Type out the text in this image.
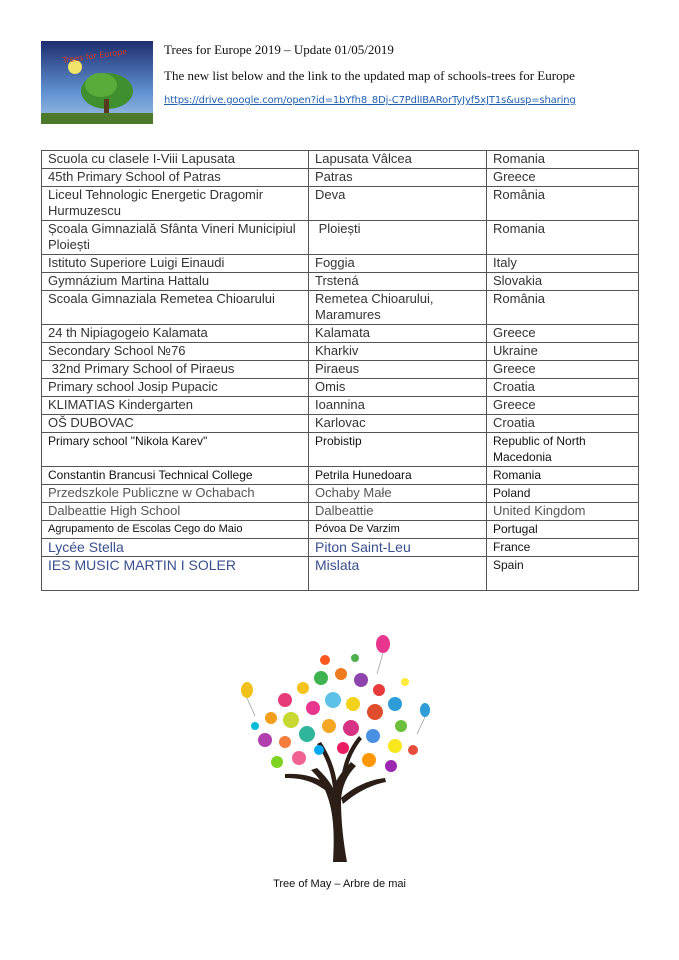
Trees for Europe	Trees for Europe 2019 – Update 01/05/2019
The new list below and the link to the updated map of schools-trees for Europe
https://drive.google.com/open?id=1bYfh8_8Dj-C7PdlIBARorTyJyf5xJT1s&usp=sharing
Scuola cu clasele I-Viii Lapusata	Lapusata Vâlcea	Romania
45th Primary School of Patras	Patras	Greece
Liceul Tehnologic Energetic Dragomir Hurmuzescu	Deva	România
Școala Gimnazială Sfânta Vineri Municipiul Ploiești	Ploiești	Romania
Istituto Superiore Luigi Einaudi	Foggia	Italy
Gymnázium Martina Hattalu	Trstená	Slovakia
Scoala Gimnaziala Remetea Chioarului	Remetea Chioarului, Maramures	România
24 th Nipiagogeio Kalamata	Kalamata	Greece
Secondary School №76	Kharkiv	Ukraine
32nd Primary School of Piraeus	Piraeus	Greece
Primary school Josip Pupacic	Omis	Croatia
KLIMATIAS Kindergarten	Ioannina	Greece
OŠ DUBOVAC	Karlovac	Croatia
Primary school "Nikola Karev"	Probistip	Republic of North Macedonia
Constantin Brancusi Technical College	Petrila Hunedoara	Romania
Przedszkole Publiczne w Ochabach	Ochaby Małe	Poland
Dalbeattie High School	Dalbeattie	United Kingdom
Agrupamento de Escolas Cego do Maio	Póvoa De Varzim	Portugal
Lycée Stella	Piton Saint-Leu	France
IES MUSIC MARTIN I SOLER	Mislata	Spain
Tree of May – Arbre de mai
